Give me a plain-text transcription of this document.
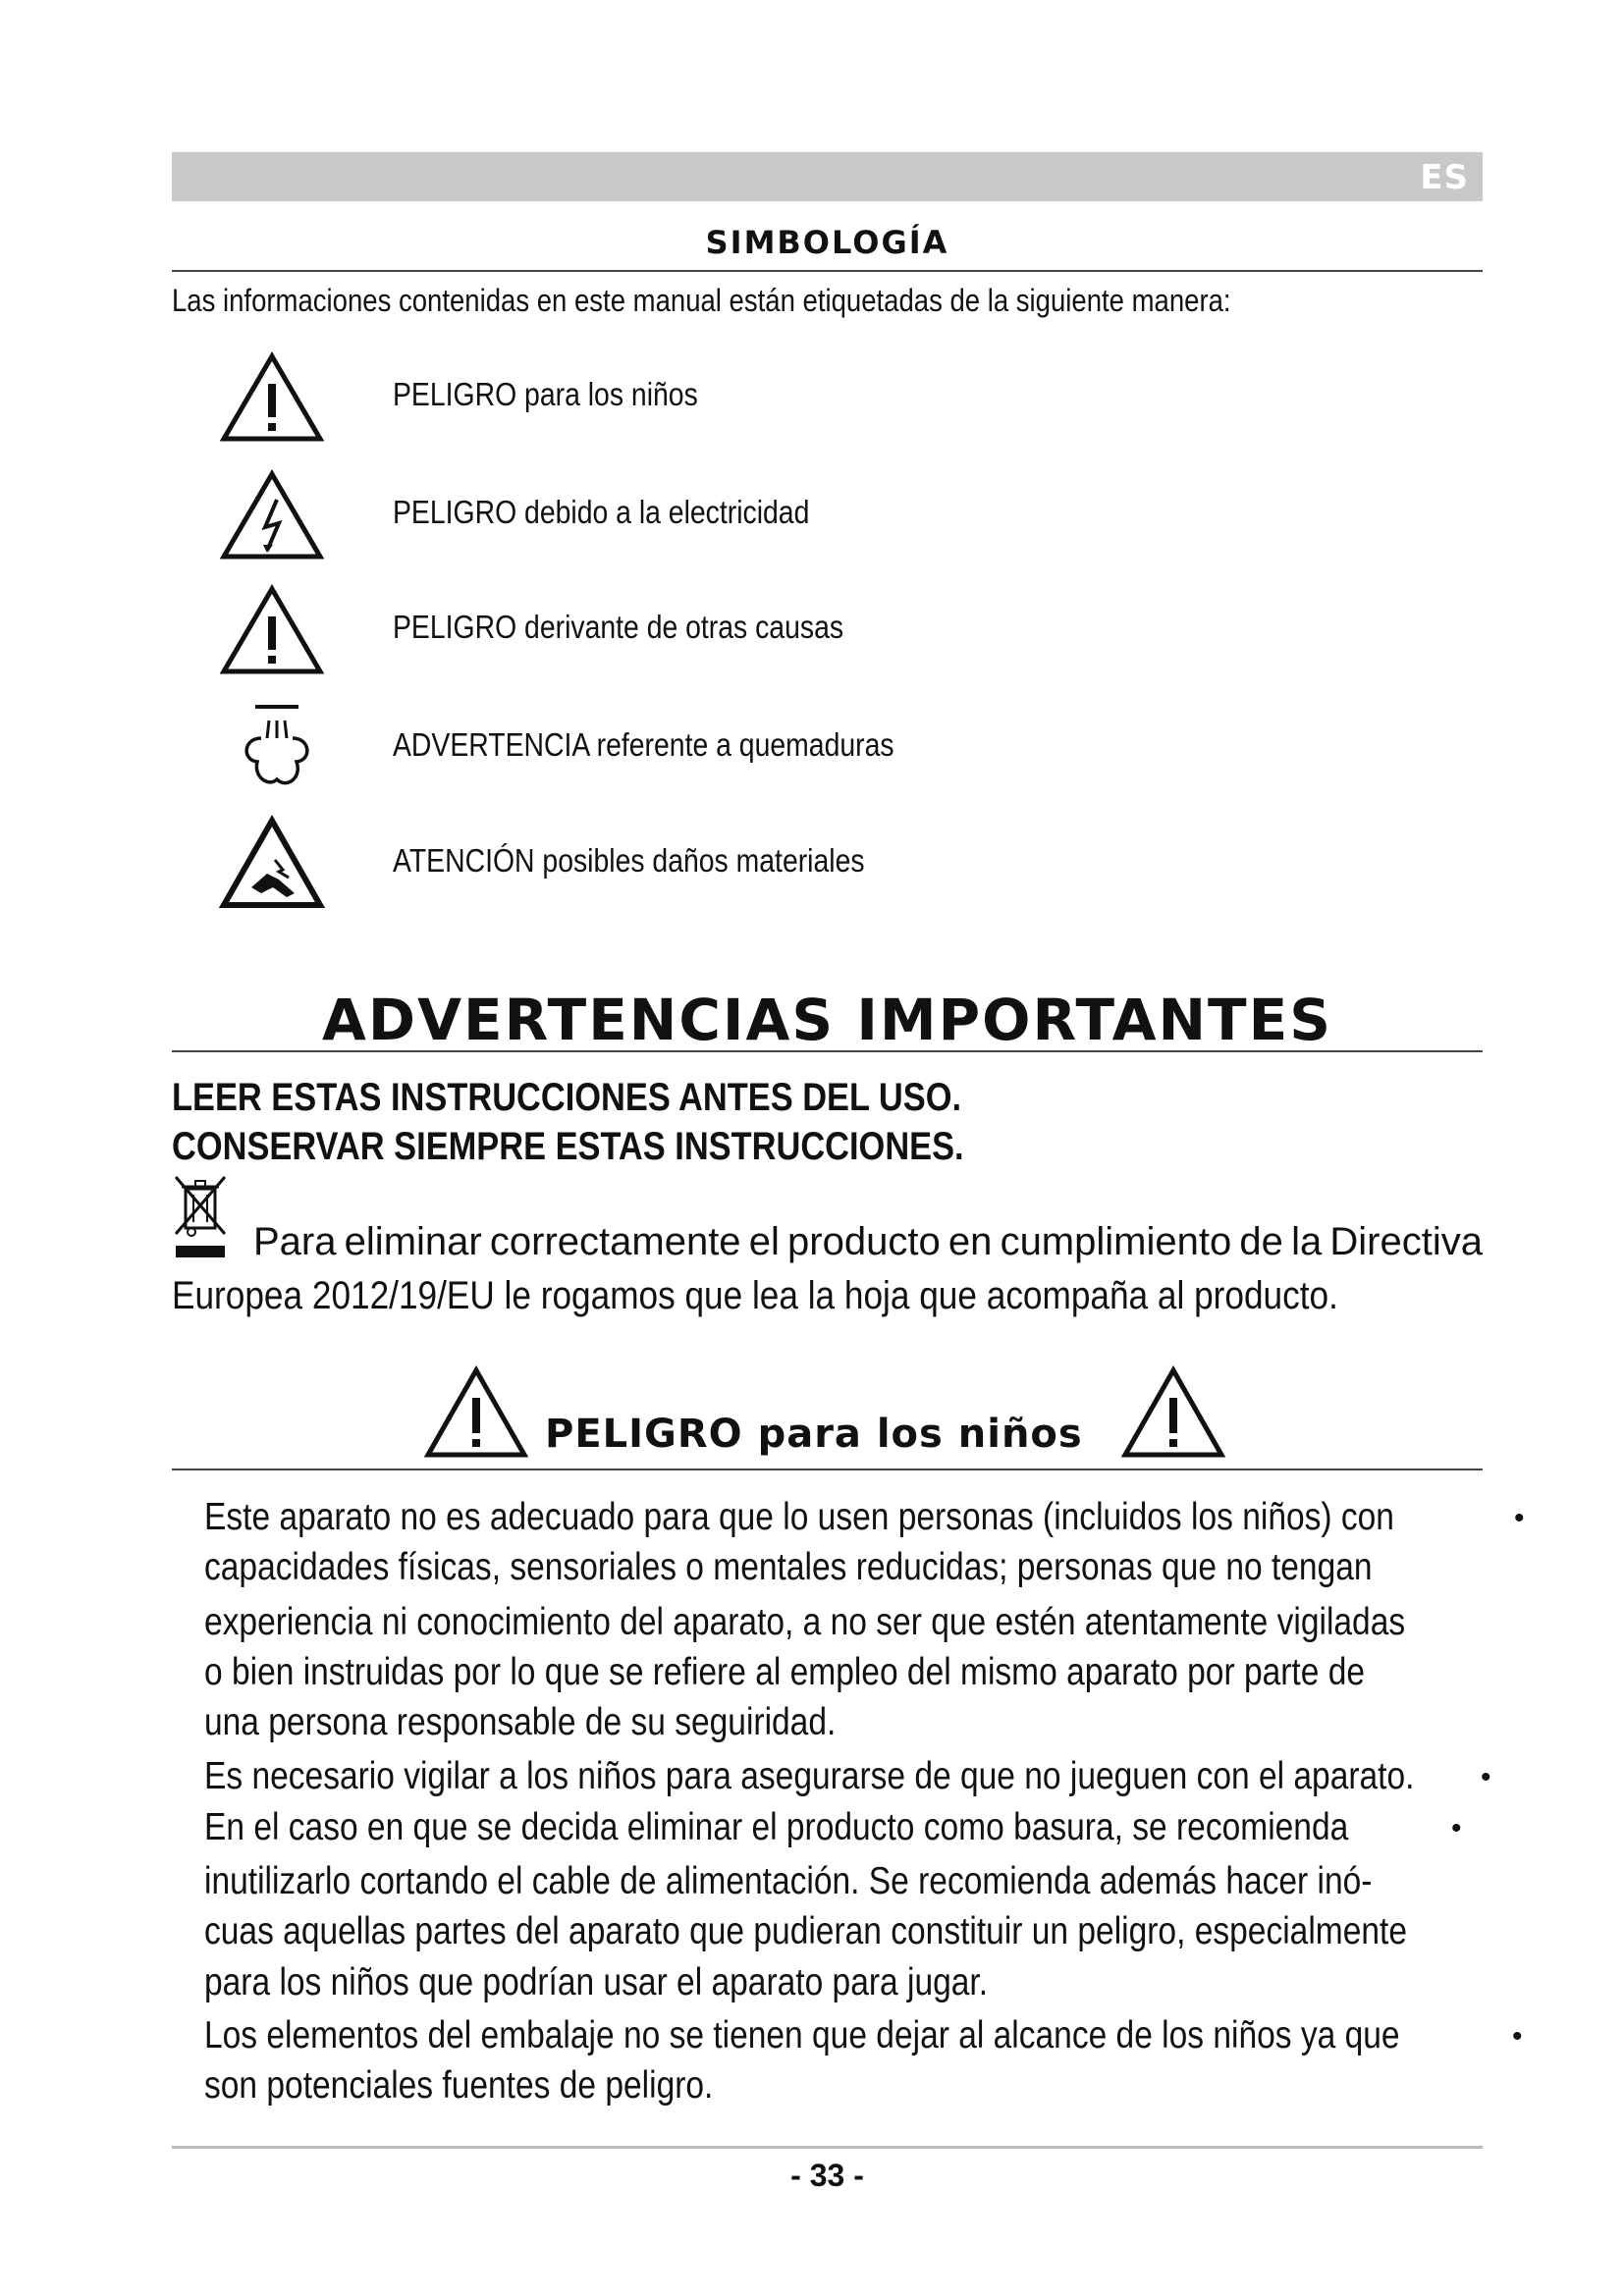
ES
SIMBOLOGÍA
Las informaciones contenidas en este manual están etiquetadas de la siguiente manera:
PELIGRO para los niños
PELIGRO debido a la electricidad
PELIGRO derivante de otras causas
ADVERTENCIA referente a quemaduras
ATENCIÓN posibles daños materiales
ADVERTENCIAS IMPORTANTES
LEER ESTAS INSTRUCCIONES ANTES DEL USO.
CONSERVAR SIEMPRE ESTAS INSTRUCCIONES.
Para eliminar correctamente el producto en cumplimiento de la Directiva
Europea 2012/19/EU le rogamos que lea la hoja que acompaña al producto.
PELIGRO para los niños
Este aparato no es adecuado para que lo usen personas (incluidos los niños) con	•
capacidades físicas, sensoriales o mentales reducidas; personas que no tengan
experiencia ni conocimiento del aparato, a no ser que estén atentamente vigiladas
o bien instruidas por lo que se refiere al empleo del mismo aparato por parte de
una persona responsable de su seguiridad.
Es necesario vigilar a los niños para asegurarse de que no jueguen con el aparato. •
En el caso en que se decida eliminar el producto como basura, se recomienda	•
inutilizarlo cortando el cable de alimentación. Se recomienda además hacer inó-
cuas aquellas partes del aparato que pudieran constituir un peligro, especialmente
para los niños que podrían usar el aparato para jugar.
Los elementos del embalaje no se tienen que dejar al alcance de los niños ya que	•
son potenciales fuentes de peligro.
- 33 -
